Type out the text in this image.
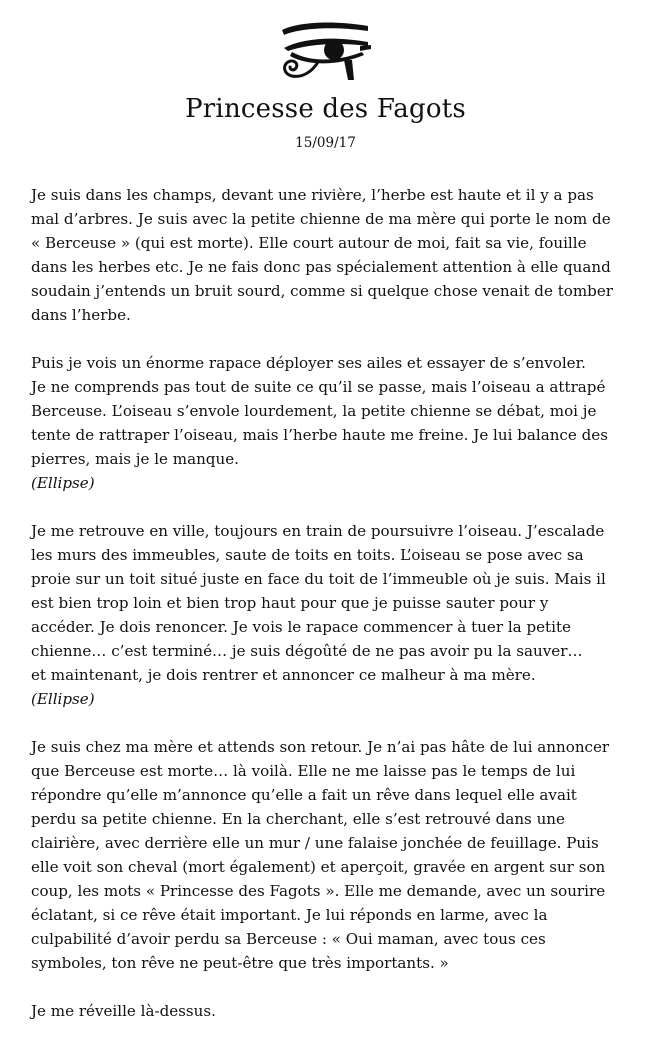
Princesse des Fagots
15/09/17
Je suis dans les champs, devant une rivière, l’herbe est haute et il y a pas
mal d’arbres. Je suis avec la petite chienne de ma mère qui porte le nom de
« Berceuse » (qui est morte). Elle court autour de moi, fait sa vie, fouille
dans les herbes etc. Je ne fais donc pas spécialement attention à elle quand
soudain j’entends un bruit sourd, comme si quelque chose venait de tomber
dans l’herbe.
Puis je vois un énorme rapace déployer ses ailes et essayer de s’envoler.
Je ne comprends pas tout de suite ce qu’il se passe, mais l’oiseau a attrapé
Berceuse. L’oiseau s’envole lourdement, la petite chienne se débat, moi je
tente de rattraper l’oiseau, mais l’herbe haute me freine. Je lui balance des
pierres, mais je le manque.
(Ellipse)
Je me retrouve en ville, toujours en train de poursuivre l’oiseau. J’escalade
les murs des immeubles, saute de toits en toits. L’oiseau se pose avec sa
proie sur un toit situé juste en face du toit de l’immeuble où je suis. Mais il
est bien trop loin et bien trop haut pour que je puisse sauter pour y
accéder. Je dois renoncer. Je vois le rapace commencer à tuer la petite
chienne… c’est terminé… je suis dégoûté de ne pas avoir pu la sauver…
et maintenant, je dois rentrer et annoncer ce malheur à ma mère.
(Ellipse)
Je suis chez ma mère et attends son retour. Je n’ai pas hâte de lui annoncer
que Berceuse est morte… là voilà. Elle ne me laisse pas le temps de lui
répondre qu’elle m’annonce qu’elle a fait un rêve dans lequel elle avait
perdu sa petite chienne. En la cherchant, elle s’est retrouvé dans une
clairière, avec derrière elle un mur / une falaise jonchée de feuillage. Puis
elle voit son cheval (mort également) et aperçoit, gravée en argent sur son
coup, les mots « Princesse des Fagots ». Elle me demande, avec un sourire
éclatant, si ce rêve était important. Je lui réponds en larme, avec la
culpabilité d’avoir perdu sa Berceuse : « Oui maman, avec tous ces
symboles, ton rêve ne peut-être que très importants. »
Je me réveille là-dessus.
